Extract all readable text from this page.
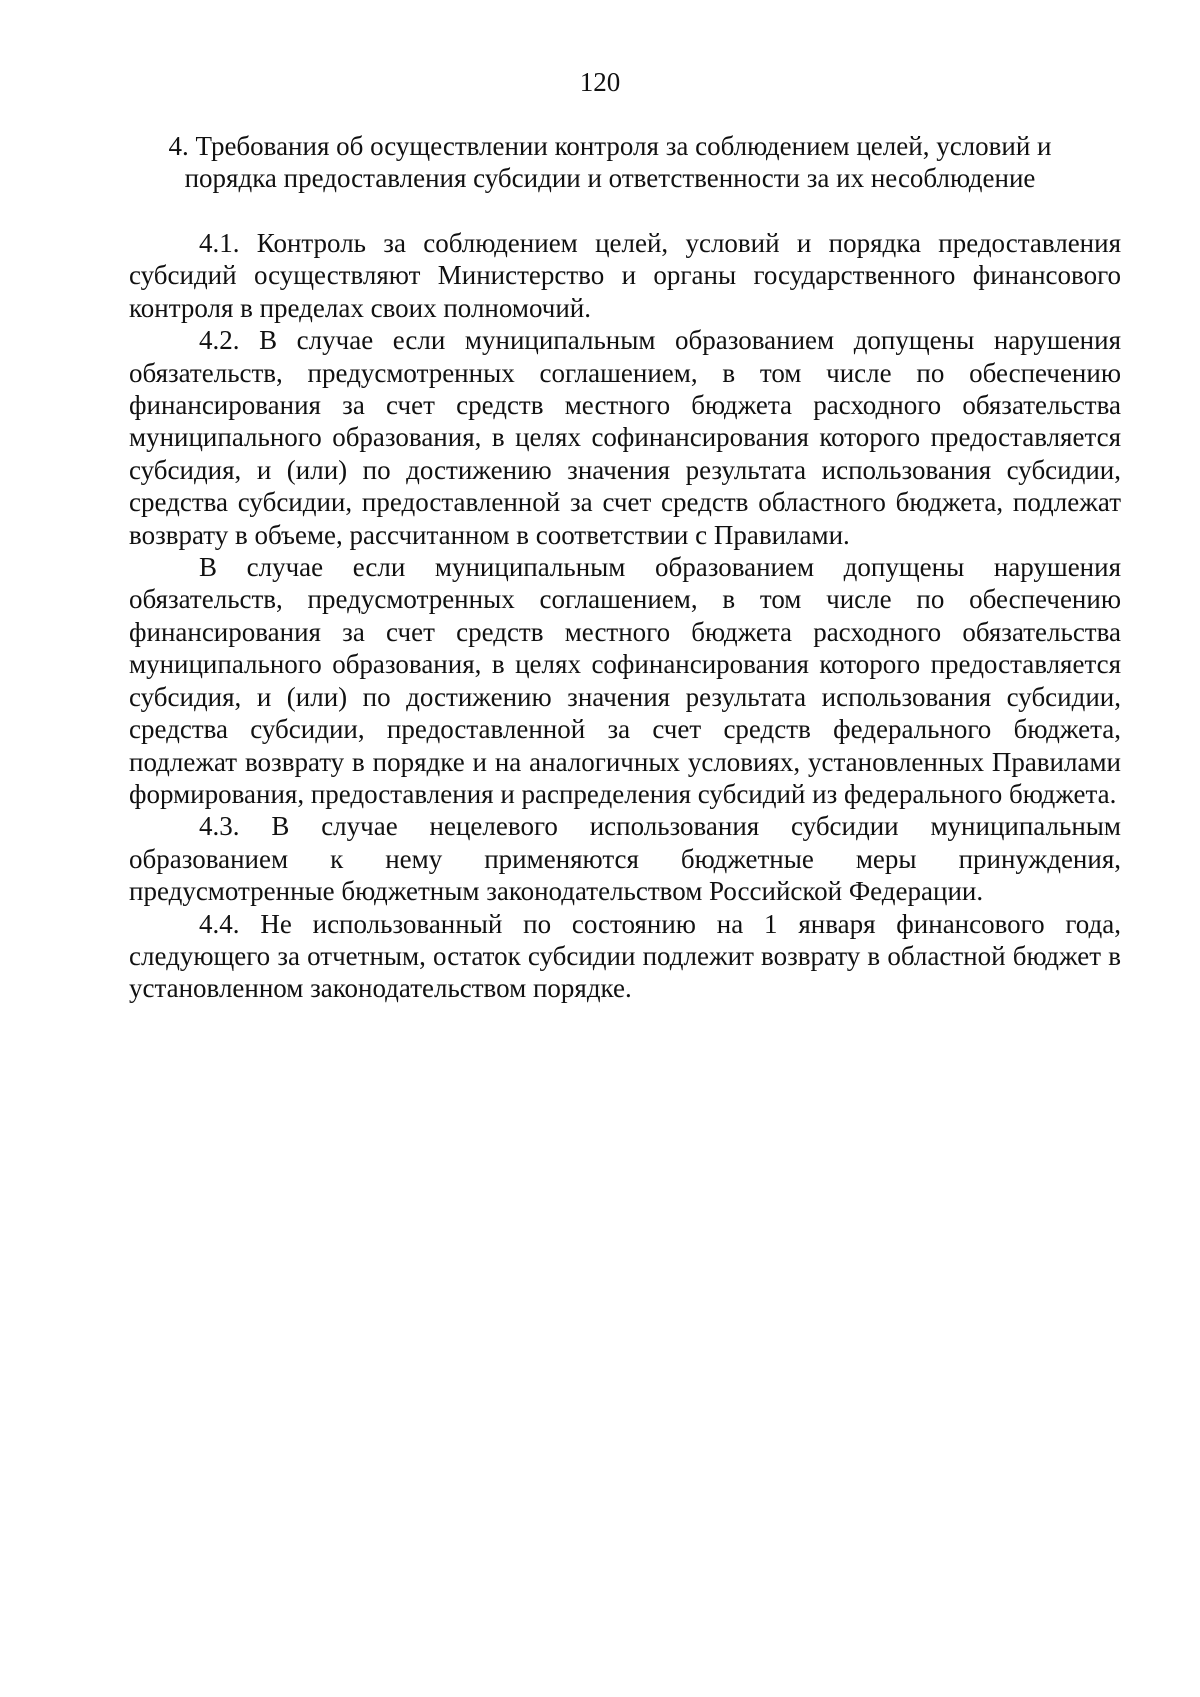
120
4. Требования об осуществлении контроля за соблюдением целей, условий и
порядка предоставления субсидии и ответственности за их несоблюдение

4.1. Контроль за соблюдением целей, условий и порядка предоставления субсидий осуществляют Министерство и органы государственного финансового контроля в пределах своих полномочий.

4.2. В случае если муниципальным образованием допущены нарушения обязательств, предусмотренных соглашением, в том числе по обеспечению финансирования за счет средств местного бюджета расходного обязательства муниципального образования, в целях софинансирования которого предоставляется субсидия, и (или) по достижению значения результата использования субсидии, средства субсидии, предоставленной за счет средств областного бюджета, подлежат возврату в объеме, рассчитанном в соответствии с Правилами.

В случае если муниципальным образованием допущены нарушения обязательств, предусмотренных соглашением, в том числе по обеспечению финансирования за счет средств местного бюджета расходного обязательства муниципального образования, в целях софинансирования которого предоставляется субсидия, и (или) по достижению значения результата использования субсидии, средства субсидии, предоставленной за счет средств федерального бюджета, подлежат возврату в порядке и на аналогичных условиях, установленных Правилами формирования, предоставления и распределения субсидий из федерального бюджета.

4.3. В случае нецелевого использования субсидии муниципальным образованием к нему применяются бюджетные меры принуждения, предусмотренные бюджетным законодательством Российской Федерации.

4.4. Не использованный по состоянию на 1 января финансового года, следующего за отчетным, остаток субсидии подлежит возврату в областной бюджет в установленном законодательством порядке.
